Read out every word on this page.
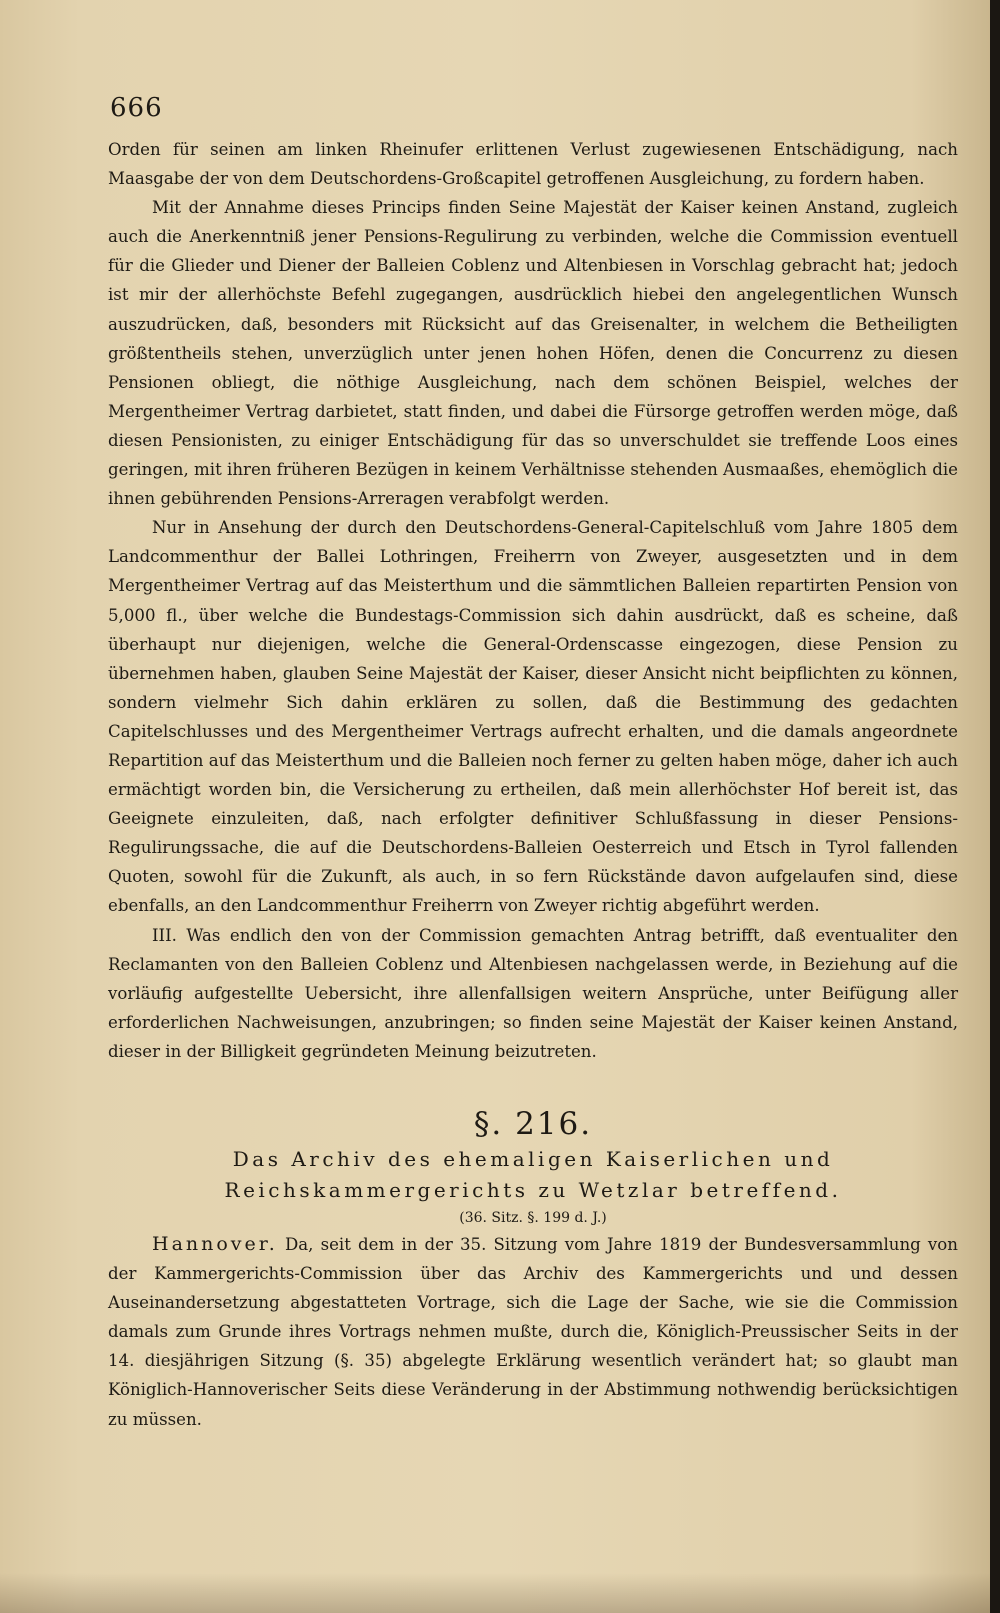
666

Orden für seinen am linken Rheinufer erlittenen Verlust zugewiesenen Entschädigung, nach Maasgabe der von dem Deutschordens-Großcapitel getroffenen Ausgleichung, zu fordern haben.

Mit der Annahme dieses Princips finden Seine Majestät der Kaiser keinen Anstand, zugleich auch die Anerkenntniß jener Pensions-Regulirung zu verbinden, welche die Commission eventuell für die Glieder und Diener der Balleien Coblenz und Altenbiesen in Vorschlag gebracht hat; jedoch ist mir der allerhöchste Befehl zugegangen, ausdrücklich hiebei den angelegentlichen Wunsch auszudrücken, daß, besonders mit Rücksicht auf das Greisenalter, in welchem die Betheiligten größtentheils stehen, unverzüglich unter jenen hohen Höfen, denen die Concurrenz zu diesen Pensionen obliegt, die nöthige Ausgleichung, nach dem schönen Beispiel, welches der Mergentheimer Vertrag darbietet, statt finden, und dabei die Fürsorge getroffen werden möge, daß diesen Pensionisten, zu einiger Entschädigung für das so unverschuldet sie treffende Loos eines geringen, mit ihren früheren Bezügen in keinem Verhältnisse stehenden Ausmaaßes, ehemöglich die ihnen gebührenden Pensions-Arreragen verabfolgt werden.

Nur in Ansehung der durch den Deutschordens-General-Capitelschluß vom Jahre 1805 dem Landcommenthur der Ballei Lothringen, Freiherrn von Zweyer, ausgesetzten und in dem Mergentheimer Vertrag auf das Meisterthum und die sämmtlichen Balleien repartirten Pension von 5,000 fl., über welche die Bundestags-Commission sich dahin ausdrückt, daß es scheine, daß überhaupt nur diejenigen, welche die General-Ordenscasse eingezogen, diese Pension zu übernehmen haben, glauben Seine Majestät der Kaiser, dieser Ansicht nicht beipflichten zu können, sondern vielmehr Sich dahin erklären zu sollen, daß die Bestimmung des gedachten Capitelschlusses und des Mergentheimer Vertrags aufrecht erhalten, und die damals angeordnete Repartition auf das Meisterthum und die Balleien noch ferner zu gelten haben möge, daher ich auch ermächtigt worden bin, die Versicherung zu ertheilen, daß mein allerhöchster Hof bereit ist, das Geeignete einzuleiten, daß, nach erfolgter definitiver Schlußfassung in dieser Pensions-Regulirungssache, die auf die Deutschordens-Balleien Oesterreich und Etsch in Tyrol fallenden Quoten, sowohl für die Zukunft, als auch, in so fern Rückstände davon aufgelaufen sind, diese ebenfalls, an den Landcommenthur Freiherrn von Zweyer richtig abgeführt werden.

III. Was endlich den von der Commission gemachten Antrag betrifft, daß eventualiter den Reclamanten von den Balleien Coblenz und Altenbiesen nachgelassen werde, in Beziehung auf die vorläufig aufgestellte Uebersicht, ihre allenfallsigen weitern Ansprüche, unter Beifügung aller erforderlichen Nachweisungen, anzubringen; so finden seine Majestät der Kaiser keinen Anstand, dieser in der Billigkeit gegründeten Meinung beizutreten.

§. 216.
Das Archiv des ehemaligen Kaiserlichen und Reichskammergerichts zu Wetzlar betreffend.
(36. Sitz. §. 199 d. J.)

Hannover. Da, seit dem in der 35. Sitzung vom Jahre 1819 der Bundesversammlung von der Kammergerichts-Commission über das Archiv des Kammergerichts und und dessen Auseinandersetzung abgestatteten Vortrage, sich die Lage der Sache, wie sie die Commission damals zum Grunde ihres Vortrags nehmen mußte, durch die, Königlich-Preussischer Seits in der 14. diesjährigen Sitzung (§. 35) abgelegte Erklärung wesentlich verändert hat; so glaubt man Königlich-Hannoverischer Seits diese Veränderung in der Abstimmung nothwendig berücksichtigen zu müssen.
